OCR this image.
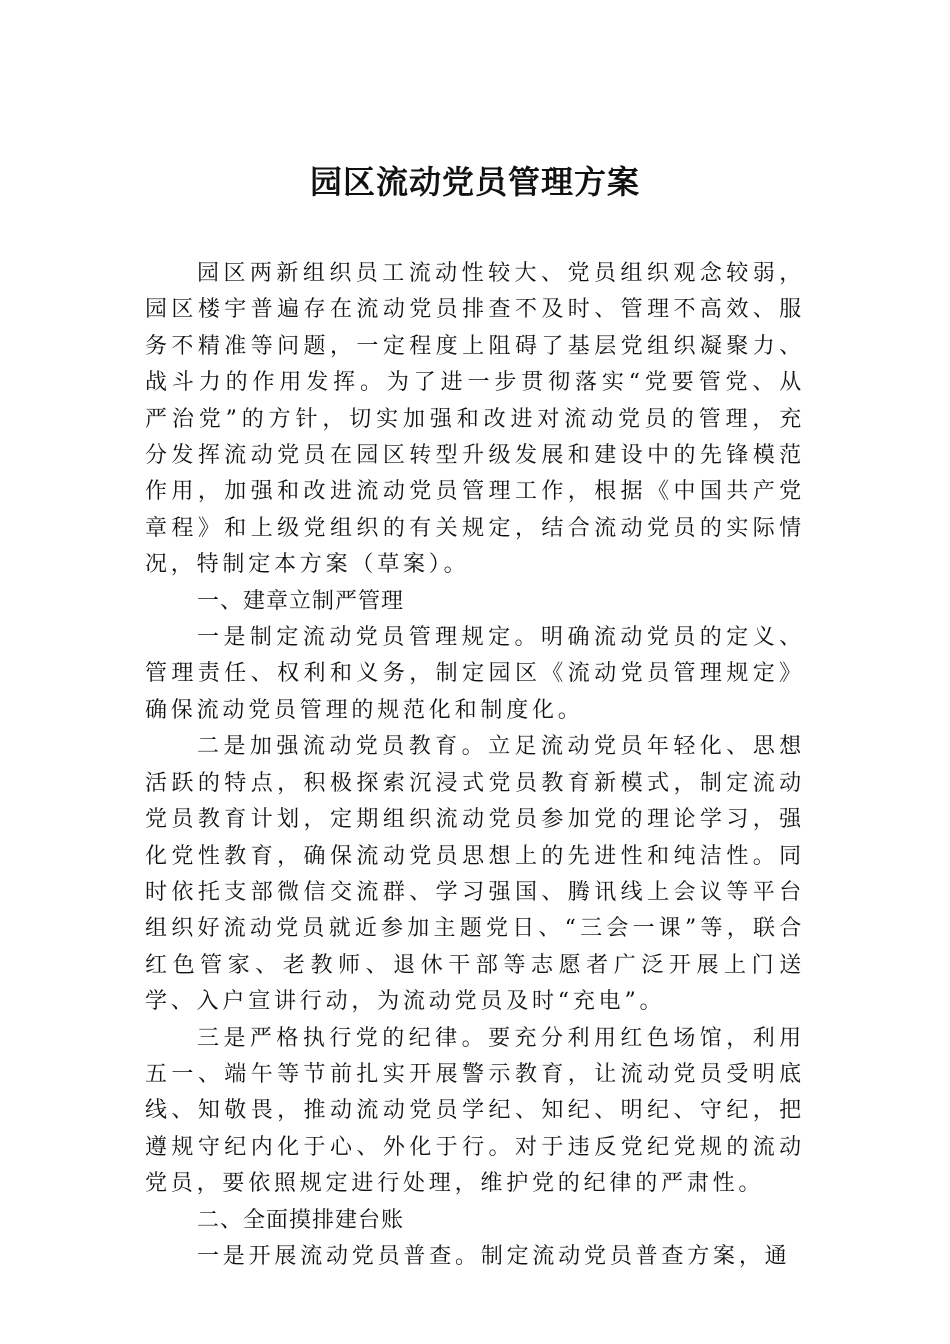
园区流动党员管理方案

园区两新组织员工流动性较大、党员组织观念较弱，园区楼宇普遍存在流动党员排查不及时、管理不高效、服务不精准等问题，一定程度上阻碍了基层党组织凝聚力、战斗力的作用发挥。为了进一步贯彻落实“党要管党、从严治党”的方针，切实加强和改进对流动党员的管理，充分发挥流动党员在园区转型升级发展和建设中的先锋模范作用，加强和改进流动党员管理工作，根据《中国共产党章程》和上级党组织的有关规定，结合流动党员的实际情况，特制定本方案（草案）。

一、建章立制严管理

一是制定流动党员管理规定。明确流动党员的定义、管理责任、权利和义务，制定园区《流动党员管理规定》确保流动党员管理的规范化和制度化。

二是加强流动党员教育。立足流动党员年轻化、思想活跃的特点，积极探索沉浸式党员教育新模式，制定流动党员教育计划，定期组织流动党员参加党的理论学习，强化党性教育，确保流动党员思想上的先进性和纯洁性。同时依托支部微信交流群、学习强国、腾讯线上会议等平台组织好流动党员就近参加主题党日、“三会一课”等，联合红色管家、老教师、退休干部等志愿者广泛开展上门送学、入户宣讲行动，为流动党员及时“充电”。

三是严格执行党的纪律。要充分利用红色场馆，利用五一、端午等节前扎实开展警示教育，让流动党员受明底线、知敬畏，推动流动党员学纪、知纪、明纪、守纪，把遵规守纪内化于心、外化于行。对于违反党纪党规的流动党员，要依照规定进行处理，维护党的纪律的严肃性。

二、全面摸排建台账

一是开展流动党员普查。制定流动党员普查方案，通
